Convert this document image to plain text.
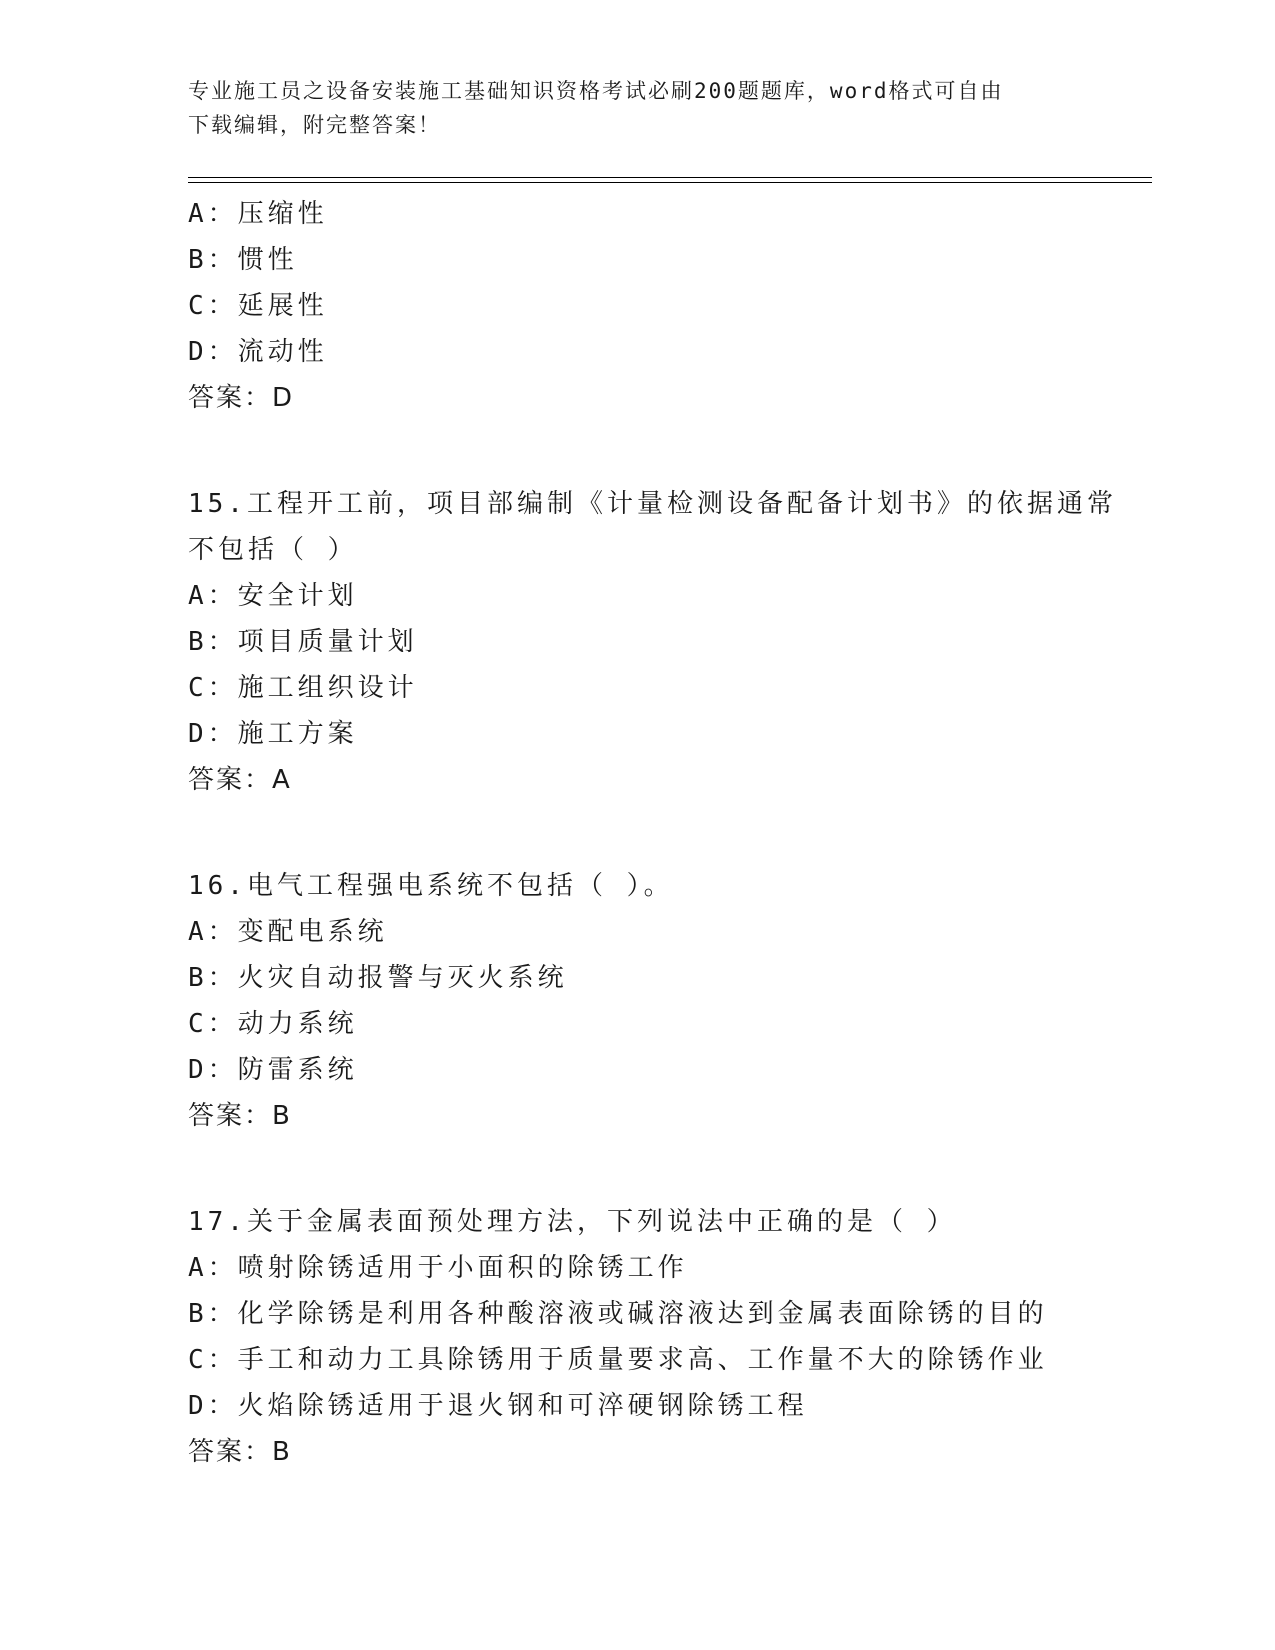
专业施工员之设备安装施工基础知识资格考试必刷200题题库，word格式可自由
下载编辑，附完整答案！
A：压缩性
B：惯性
C：延展性
D：流动性
答案：D
15.工程开工前，项目部编制《计量检测设备配备计划书》的依据通常
不包括（ ）
A：安全计划
B：项目质量计划
C：施工组织设计
D：施工方案
答案：A
16.电气工程强电系统不包括（ ）。
A：变配电系统
B：火灾自动报警与灭火系统
C：动力系统
D：防雷系统
答案：B
17.关于金属表面预处理方法，下列说法中正确的是（ ）
A：喷射除锈适用于小面积的除锈工作
B：化学除锈是利用各种酸溶液或碱溶液达到金属表面除锈的目的
C：手工和动力工具除锈用于质量要求高、工作量不大的除锈作业
D：火焰除锈适用于退火钢和可淬硬钢除锈工程
答案：B
